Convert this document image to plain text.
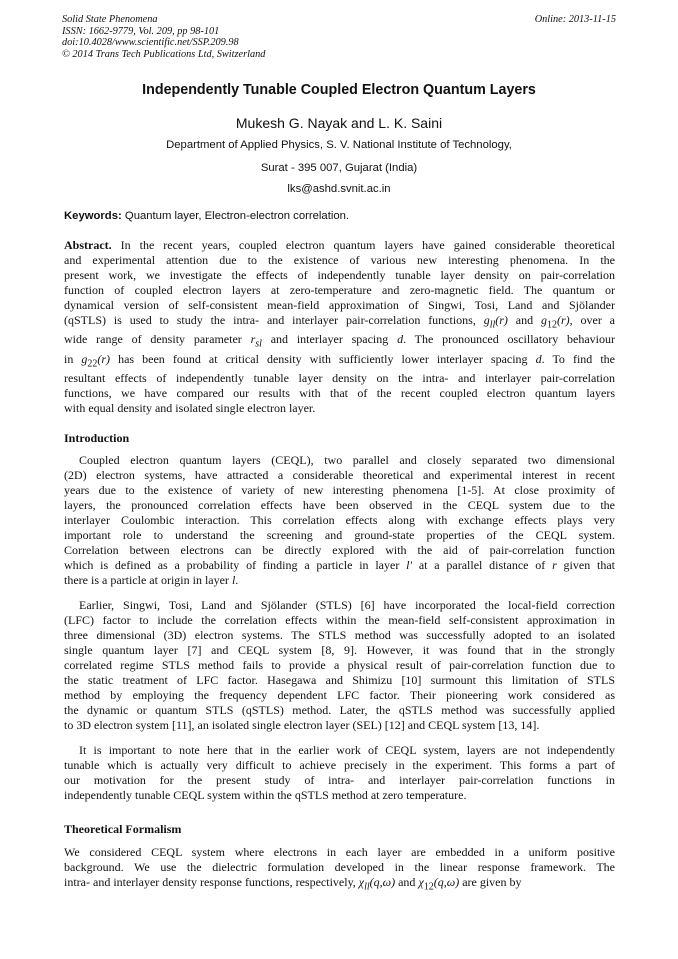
Solid State Phenomena
ISSN: 1662-9779, Vol. 209, pp 98-101
doi:10.4028/www.scientific.net/SSP.209.98
© 2014 Trans Tech Publications Ltd, Switzerland
Online: 2013-11-15
Independently Tunable Coupled Electron Quantum Layers
Mukesh G. Nayak and L. K. Saini
Department of Applied Physics, S. V. National Institute of Technology,
Surat - 395 007, Gujarat (India)
lks@ashd.svnit.ac.in
Keywords: Quantum layer, Electron-electron correlation.
Abstract. In the recent years, coupled electron quantum layers have gained considerable theoretical
and experimental attention due to the existence of various new interesting phenomena. In the
present work, we investigate the effects of independently tunable layer density on pair-correlation
function of coupled electron layers at zero-temperature and zero-magnetic field. The quantum or
dynamical version of self-consistent mean-field approximation of Singwi, Tosi, Land and Sjölander
(qSTLS) is used to study the intra- and interlayer pair-correlation functions, $g_{ll}(r)$ and $g_{12}(r)$, over a
wide range of density parameter $r_{sl}$ and interlayer spacing d. The pronounced oscillatory behaviour
in $g_{22}(r)$ has been found at critical density with sufficiently lower interlayer spacing d. To find the
resultant effects of independently tunable layer density on the intra- and interlayer pair-correlation
functions, we have compared our results with that of the recent coupled electron quantum layers
with equal density and isolated single electron layer.
Introduction
Coupled electron quantum layers (CEQL), two parallel and closely separated two dimensional
(2D) electron systems, have attracted a considerable theoretical and experimental interest in recent
years due to the existence of variety of new interesting phenomena [1-5]. At close proximity of
layers, the pronounced correlation effects have been observed in the CEQL system due to the
interlayer Coulombic interaction. This correlation effects along with exchange effects plays very
important role to understand the screening and ground-state properties of the CEQL system.
Correlation between electrons can be directly explored with the aid of pair-correlation function
which is defined as a probability of finding a particle in layer l' at a parallel distance of r given that
there is a particle at origin in layer l.
Earlier, Singwi, Tosi, Land and Sjölander (STLS) [6] have incorporated the local-field correction
(LFC) factor to include the correlation effects within the mean-field self-consistent approximation in
three dimensional (3D) electron systems. The STLS method was successfully adopted to an isolated
single quantum layer [7] and CEQL system [8, 9]. However, it was found that in the strongly
correlated regime STLS method fails to provide a physical result of pair-correlation function due to
the static treatment of LFC factor. Hasegawa and Shimizu [10] surmount this limitation of STLS
method by employing the frequency dependent LFC factor. Their pioneering work considered as
the dynamic or quantum STLS (qSTLS) method. Later, the qSTLS method was successfully applied
to 3D electron system [11], an isolated single electron layer (SEL) [12] and CEQL system [13, 14].
It is important to note here that in the earlier work of CEQL system, layers are not independently
tunable which is actually very difficult to achieve precisely in the experiment. This forms a part of
our motivation for the present study of intra- and interlayer pair-correlation functions in
independently tunable CEQL system within the qSTLS method at zero temperature.
Theoretical Formalism
We considered CEQL system where electrons in each layer are embedded in a uniform positive
background. We use the dielectric formulation developed in the linear response framework. The
intra- and interlayer density response functions, respectively, $\chi_{ll}(q,\omega)$ and $\chi_{12}(q,\omega)$ are given by
